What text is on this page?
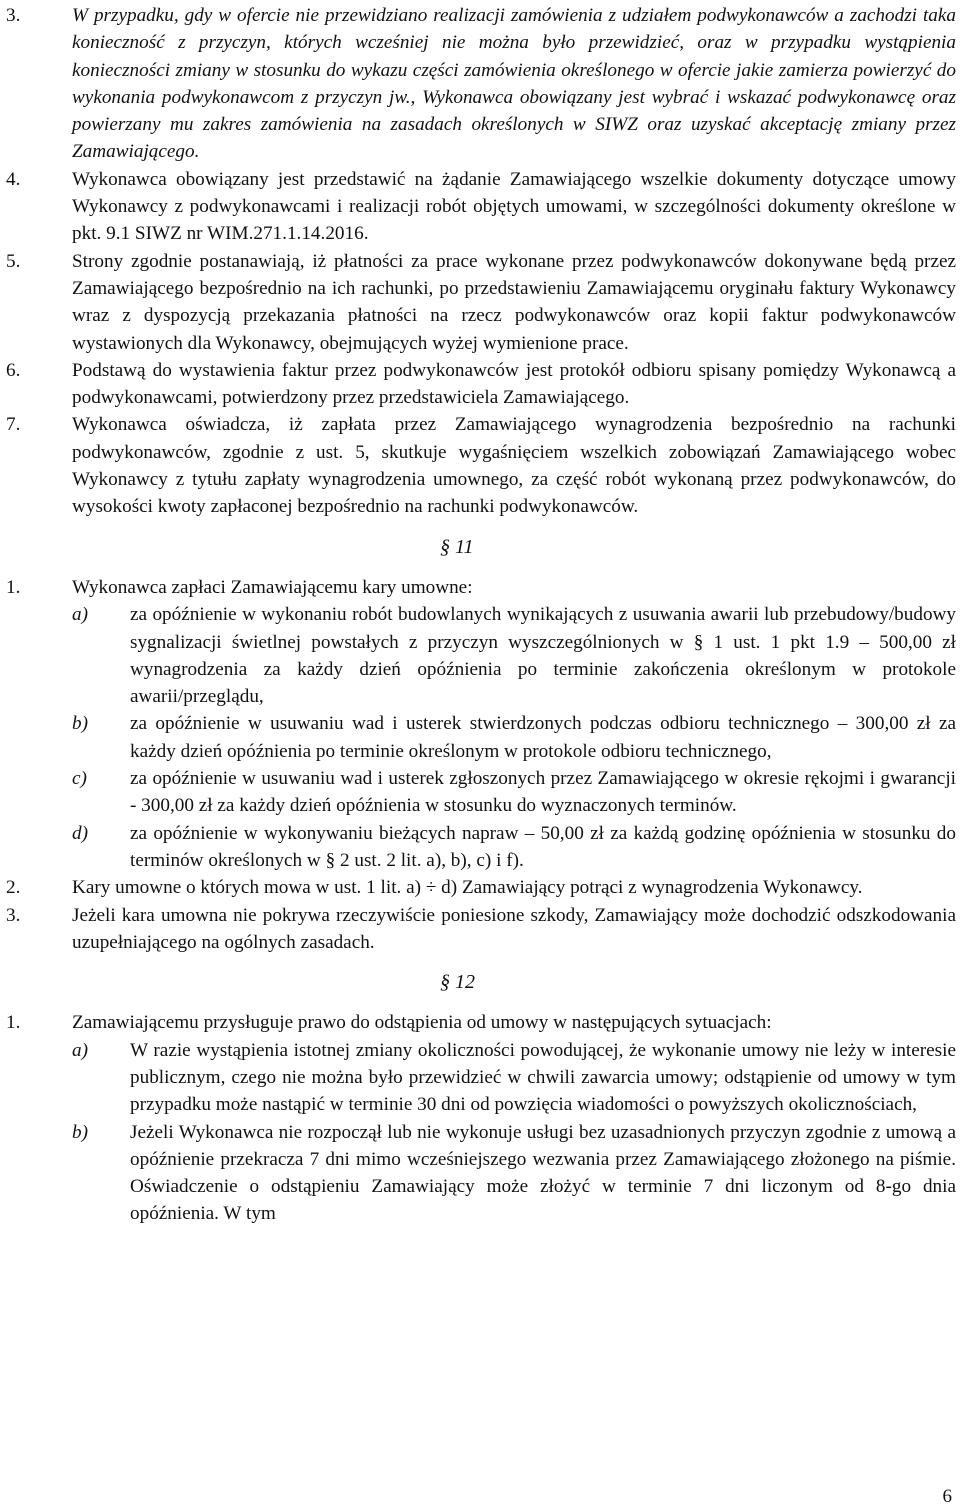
3.	W przypadku, gdy w ofercie nie przewidziano realizacji zamówienia z udziałem podwykonawców a zachodzi taka konieczność z przyczyn, których wcześniej nie można było przewidzieć, oraz w przypadku wystąpienia konieczności zmiany w stosunku do wykazu części zamówienia określonego w ofercie jakie zamierza powierzyć do wykonania podwykonawcom z przyczyn jw., Wykonawca obowiązany jest wybrać i wskazać podwykonawcę oraz powierzany mu zakres zamówienia na zasadach określonych w SIWZ oraz uzyskać akceptację zmiany przez Zamawiającego.
4.	Wykonawca obowiązany jest przedstawić na żądanie Zamawiającego wszelkie dokumenty dotyczące umowy Wykonawcy z podwykonawcami i realizacji robót objętych umowami, w szczególności dokumenty określone w pkt. 9.1 SIWZ nr WIM.271.1.14.2016.
5.	Strony zgodnie postanawiają, iż płatności za prace wykonane przez podwykonawców dokonywane będą przez Zamawiającego bezpośrednio na ich rachunki, po przedstawieniu Zamawiającemu oryginału faktury Wykonawcy wraz z dyspozycją przekazania płatności na rzecz podwykonawców oraz kopii faktur podwykonawców wystawionych dla Wykonawcy, obejmujących wyżej wymienione prace.
6.	Podstawą do wystawienia faktur przez podwykonawców jest protokół odbioru spisany pomiędzy Wykonawcą a podwykonawcami, potwierdzony przez przedstawiciela Zamawiającego.
7.	Wykonawca oświadcza, iż zapłata przez Zamawiającego wynagrodzenia bezpośrednio na rachunki podwykonawców, zgodnie z ust. 5, skutkuje wygaśnięciem wszelkich zobowiązań Zamawiającego wobec Wykonawcy z tytułu zapłaty wynagrodzenia umownego, za część robót wykonaną przez podwykonawców, do wysokości kwoty zapłaconej bezpośrednio na rachunki podwykonawców.
§ 11
1.	Wykonawca zapłaci Zamawiającemu kary umowne:
a)	za opóźnienie w wykonaniu robót budowlanych wynikających z usuwania awarii lub przebudowy/budowy sygnalizacji świetlnej powstałych z przyczyn wyszczególnionych w § 1 ust. 1 pkt 1.9 – 500,00 zł wynagrodzenia za każdy dzień opóźnienia po terminie zakończenia określonym w protokole awarii/przeglądu,
b)	za opóźnienie w usuwaniu wad i usterek stwierdzonych podczas odbioru technicznego – 300,00 zł za każdy dzień opóźnienia po terminie określonym w protokole odbioru technicznego,
c)	za opóźnienie w usuwaniu wad i usterek zgłoszonych przez Zamawiającego w okresie rękojmi i gwarancji - 300,00 zł za każdy dzień opóźnienia w stosunku do wyznaczonych terminów.
d)	za opóźnienie w wykonywaniu bieżących napraw – 50,00 zł za każdą godzinę opóźnienia w stosunku do terminów określonych w § 2 ust. 2 lit. a), b), c) i f).
2.	Kary umowne o których mowa w ust. 1 lit. a) ÷ d) Zamawiający potrąci z wynagrodzenia Wykonawcy.
3.	Jeżeli kara umowna nie pokrywa rzeczywiście poniesione szkody, Zamawiający może dochodzić odszkodowania uzupełniającego na ogólnych zasadach.
§ 12
1.	Zamawiającemu przysługuje prawo do odstąpienia od umowy w następujących sytuacjach:
a)	W razie wystąpienia istotnej zmiany okoliczności powodującej, że wykonanie umowy nie leży w interesie publicznym, czego nie można było przewidzieć w chwili zawarcia umowy; odstąpienie od umowy w tym przypadku może nastąpić w terminie 30 dni od powzięcia wiadomości o powyższych okolicznościach,
b)	Jeżeli Wykonawca nie rozpoczął lub nie wykonuje usługi bez uzasadnionych przyczyn zgodnie z umową a opóźnienie przekracza 7 dni mimo wcześniejszego wezwania przez Zamawiającego złożonego na piśmie. Oświadczenie o odstąpieniu Zamawiający może złożyć w terminie 7 dni liczonym od 8-go dnia opóźnienia. W tym
6
